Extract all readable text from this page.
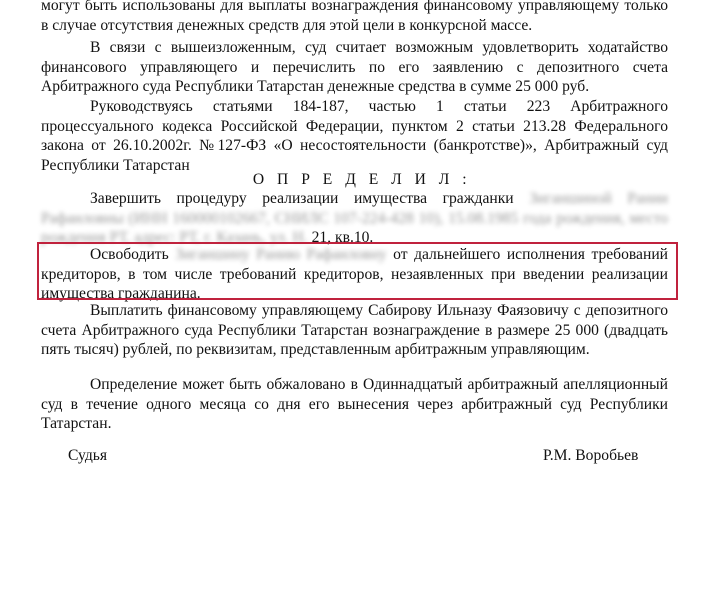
могут быть использованы для выплаты вознаграждения финансовому управляющему только в случае отсутствия денежных средств для этой цели в конкурсной массе.
В связи с вышеизложенным, суд считает возможным удовлетворить ходатайство финансового управляющего и перечислить по его заявлению с депозитного счета Арбитражного суда Республики Татарстан денежные средства в сумме 25 000 руб.
Руководствуясь статьями 184-187, частью 1 статьи 223 Арбитражного процессуального кодекса Российской Федерации, пунктом 2 статьи 213.28 Федерального закона от 26.10.2002г. №127-ФЗ «О несостоятельности (банкротстве)», Арбитражный суд Республики Татарстан
О П Р Е Д Е Л И Л :
Завершить процедуру реализации имущества гражданки Зиганшиной Рании Рафаиловны (ИНН 160000102667, СНИЛС 107-224-428 10), 15.08.1985 года рождения, место рождения РТ, адрес: РТ, г. Казань, ул. Н. 21, кв.10.
Освободить Зиганшину Ранию Рафаиловну от дальнейшего исполнения требований кредиторов, в том числе требований кредиторов, незаявленных при введении реализации имущества гражданина.
Выплатить финансовому управляющему Сабирову Ильназу Фаязовичу с депозитного счета Арбитражного суда Республики Татарстан вознаграждение в размере 25 000 (двадцать пять тысяч) рублей, по реквизитам, представленным арбитражным управляющим.
Определение может быть обжаловано в Одиннадцатый арбитражный апелляционный суд в течение одного месяца со дня его вынесения через арбитражный суд Республики Татарстан.
Судья	Р.М. Воробьев
